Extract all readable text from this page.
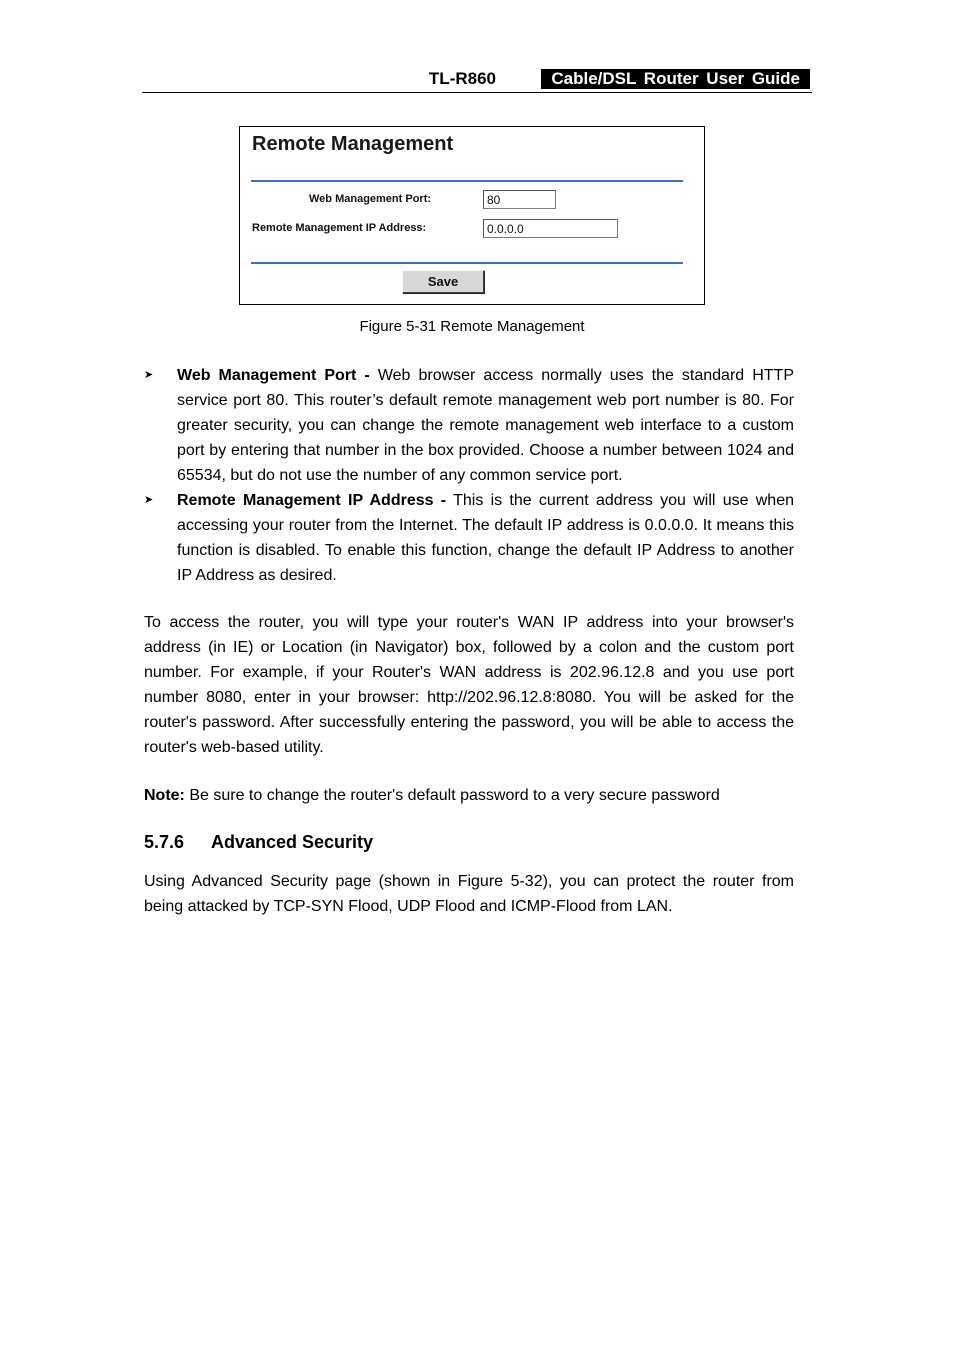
TL-R860	Cable/DSL Router User Guide
Remote Management
Web Management Port:
80
Remote Management IP Address:
0.0.0.0
Save
Figure 5-31 Remote Management
➤ Web Management Port - Web browser access normally uses the standard HTTP service port 80. This router’s default remote management web port number is 80. For greater security, you can change the remote management web interface to a custom port by entering that number in the box provided. Choose a number between 1024 and 65534, but do not use the number of any common service port.
➤ Remote Management IP Address - This is the current address you will use when accessing your router from the Internet. The default IP address is 0.0.0.0. It means this function is disabled. To enable this function, change the default IP Address to another IP Address as desired.

To access the router, you will type your router's WAN IP address into your browser's address (in IE) or Location (in Navigator) box, followed by a colon and the custom port number. For example, if your Router's WAN address is 202.96.12.8 and you use port number 8080, enter in your browser: http://202.96.12.8:8080. You will be asked for the router's password. After successfully entering the password, you will be able to access the router's web-based utility.

Note: Be sure to change the router's default password to a very secure password

5.7.6 Advanced Security

Using Advanced Security page (shown in Figure 5-32), you can protect the router from being attacked by TCP-SYN Flood, UDP Flood and ICMP-Flood from LAN.
